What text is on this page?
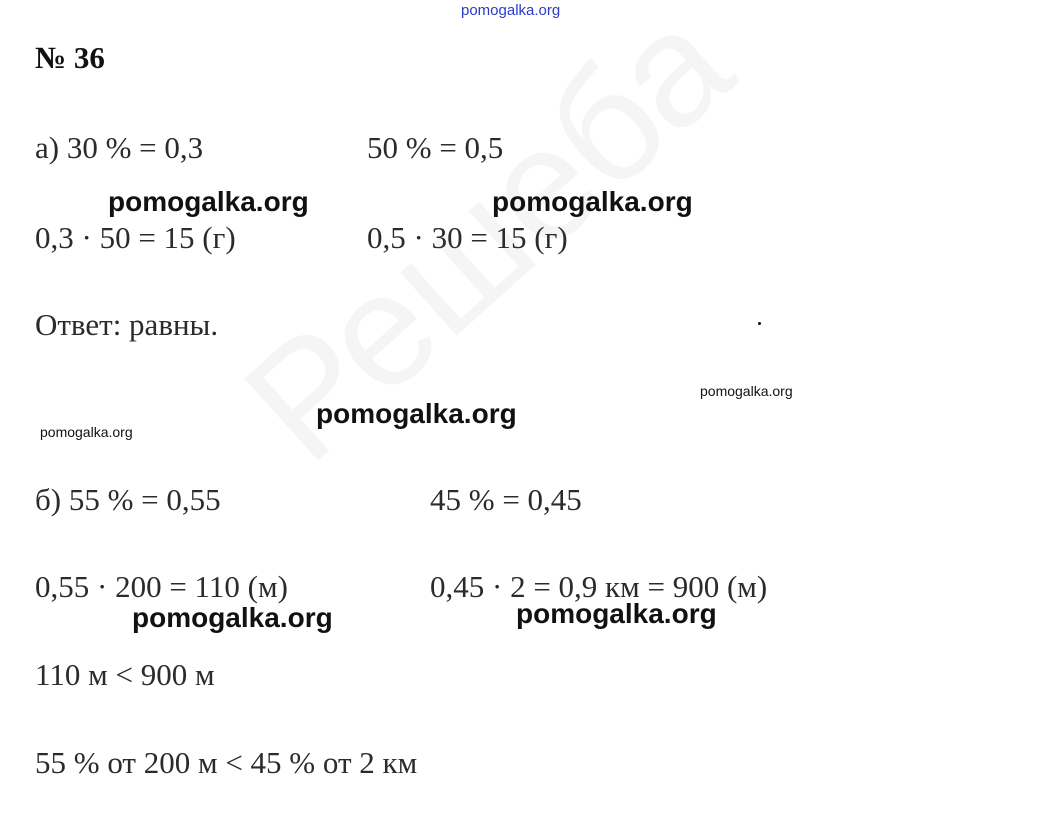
pomogalka.org
№ 36
а) 30 % = 0,3	50 % = 0,5
pomogalka.org	pomogalka.org
0,3 · 50 = 15 (г)	0,5 · 30 = 15 (г)
Ответ: равны.
pomogalka.org
pomogalka.org
pomogalka.org
б) 55 % = 0,55	45 % = 0,45
0,55 · 200 = 110 (м)	0,45 · 2 = 0,9 км = 900 (м)
pomogalka.org	pomogalka.org
110 м < 900 м
55 % от 200 м < 45 % от 2 км
